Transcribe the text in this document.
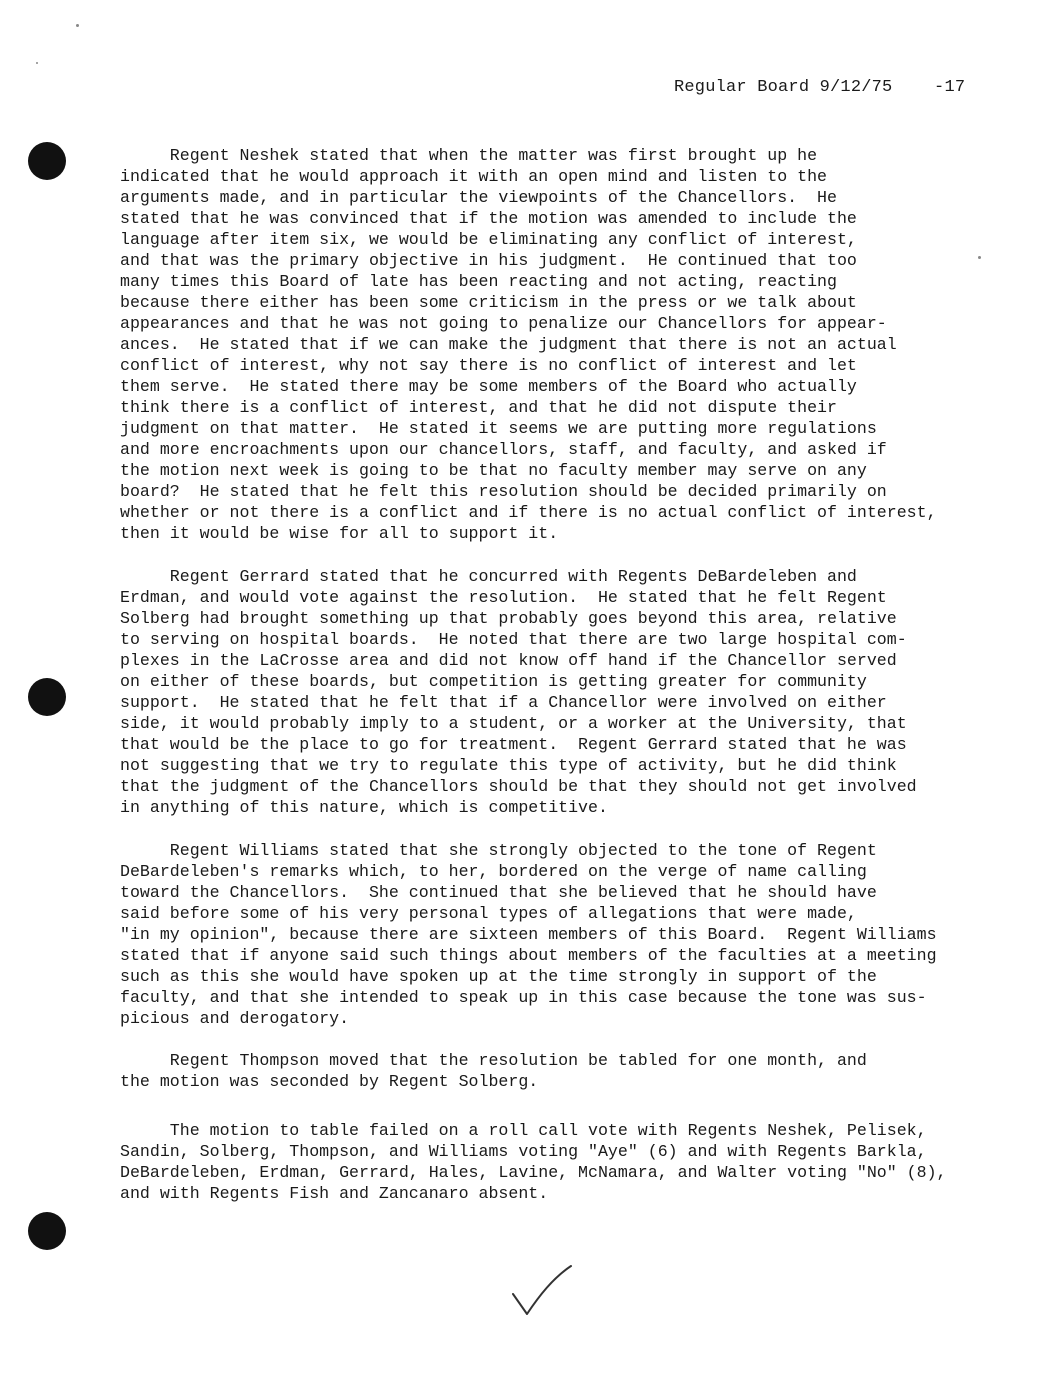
Regular Board 9/12/75 -17
Regent Neshek stated that when the matter was first brought up he
indicated that he would approach it with an open mind and listen to the
arguments made, and in particular the viewpoints of the Chancellors.  He
stated that he was convinced that if the motion was amended to include the
language after item six, we would be eliminating any conflict of interest,
and that was the primary objective in his judgment.  He continued that too
many times this Board of late has been reacting and not acting, reacting
because there either has been some criticism in the press or we talk about
appearances and that he was not going to penalize our Chancellors for appear-
ances.  He stated that if we can make the judgment that there is not an actual
conflict of interest, why not say there is no conflict of interest and let
them serve.  He stated there may be some members of the Board who actually
think there is a conflict of interest, and that he did not dispute their
judgment on that matter.  He stated it seems we are putting more regulations
and more encroachments upon our chancellors, staff, and faculty, and asked if
the motion next week is going to be that no faculty member may serve on any
board?  He stated that he felt this resolution should be decided primarily on
whether or not there is a conflict and if there is no actual conflict of interest,
then it would be wise for all to support it.
Regent Gerrard stated that he concurred with Regents DeBardeleben and
Erdman, and would vote against the resolution.  He stated that he felt Regent
Solberg had brought something up that probably goes beyond this area, relative
to serving on hospital boards.  He noted that there are two large hospital com-
plexes in the LaCrosse area and did not know off hand if the Chancellor served
on either of these boards, but competition is getting greater for community
support.  He stated that he felt that if a Chancellor were involved on either
side, it would probably imply to a student, or a worker at the University, that
that would be the place to go for treatment.  Regent Gerrard stated that he was
not suggesting that we try to regulate this type of activity, but he did think
that the judgment of the Chancellors should be that they should not get involved
in anything of this nature, which is competitive.
Regent Williams stated that she strongly objected to the tone of Regent
DeBardeleben's remarks which, to her, bordered on the verge of name calling
toward the Chancellors.  She continued that she believed that he should have
said before some of his very personal types of allegations that were made,
"in my opinion", because there are sixteen members of this Board.  Regent Williams
stated that if anyone said such things about members of the faculties at a meeting
such as this she would have spoken up at the time strongly in support of the
faculty, and that she intended to speak up in this case because the tone was sus-
picious and derogatory.
Regent Thompson moved that the resolution be tabled for one month, and
the motion was seconded by Regent Solberg.
The motion to table failed on a roll call vote with Regents Neshek, Pelisek,
Sandin, Solberg, Thompson, and Williams voting "Aye" (6) and with Regents Barkla,
DeBardeleben, Erdman, Gerrard, Hales, Lavine, McNamara, and Walter voting "No" (8),
and with Regents Fish and Zancanaro absent.
